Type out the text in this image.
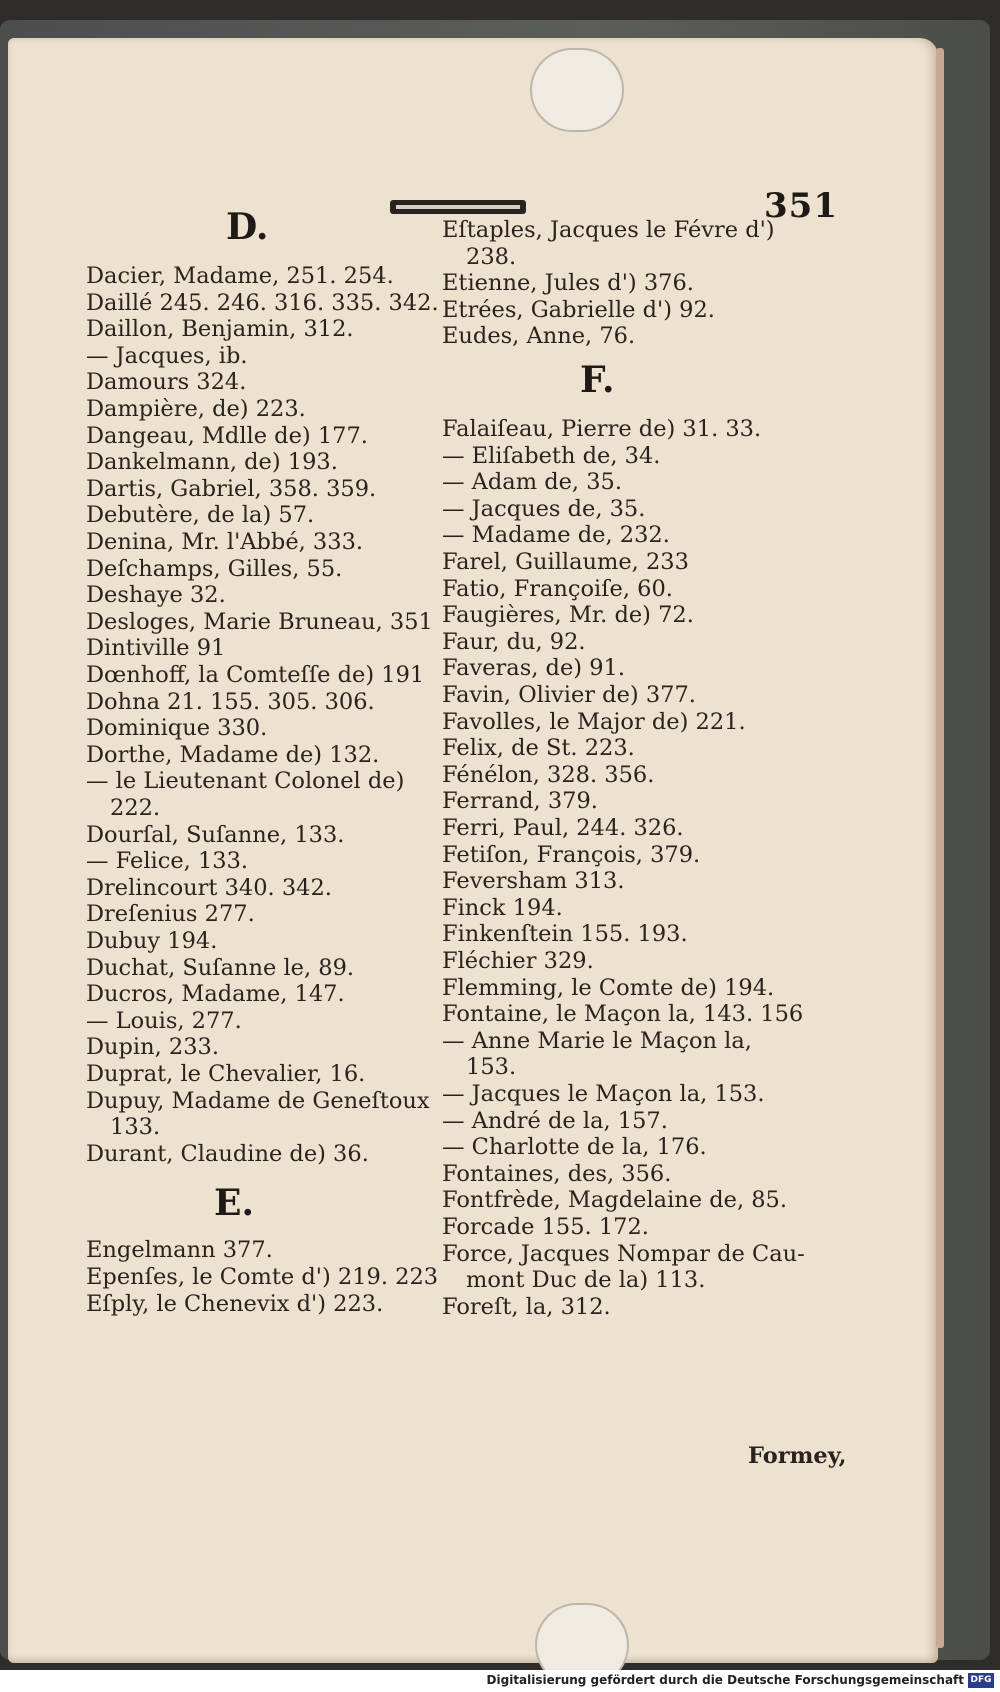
351
D.
Dacier, Madame, 251. 254.
Daillé 245. 246. 316. 335. 342.
Daillon, Benjamin, 312.
— Jacques, ib.
Damours 324.
Dampière, de) 223.
Dangeau, Mdlle de) 177.
Dankelmann, de) 193.
Dartis, Gabriel, 358. 359.
Debutère, de la) 57.
Denina, Mr. l'Abbé, 333.
Deſchamps, Gilles, 55.
Deshaye 32.
Desloges, Marie Bruneau, 351
Dintiville 91
Dœnhoff, la Comteſſe de) 191
Dohna 21. 155. 305. 306.
Dominique 330.
Dorthe, Madame de) 132.
— le Lieutenant Colonel de)
222.
Dourſal, Suſanne, 133.
— Felice, 133.
Drelincourt 340. 342.
Dreſenius 277.
Dubuy 194.
Duchat, Suſanne le, 89.
Ducros, Madame, 147.
— Louis, 277.
Dupin, 233.
Duprat, le Chevalier, 16.
Dupuy, Madame de Geneſtoux
133.
Durant, Claudine de) 36.
E.
Engelmann 377.
Epenſes, le Comte d') 219. 223
Eſply, le Chenevix d') 223.
Eſtaples, Jacques le Févre d')
238.
Etienne, Jules d') 376.
Etrées, Gabrielle d') 92.
Eudes, Anne, 76.
F.
Falaiſeau, Pierre de) 31. 33.
— Eliſabeth de, 34.
— Adam de, 35.
— Jacques de, 35.
— Madame de, 232.
Farel, Guillaume, 233
Fatio, Françoiſe, 60.
Faugières, Mr. de) 72.
Faur, du, 92.
Faveras, de) 91.
Favin, Olivier de) 377.
Favolles, le Major de) 221.
Felix, de St. 223.
Fénélon, 328. 356.
Ferrand, 379.
Ferri, Paul, 244. 326.
Fetiſon, François, 379.
Feversham 313.
Finck 194.
Finkenſtein 155. 193.
Fléchier 329.
Flemming, le Comte de) 194.
Fontaine, le Maçon la, 143. 156
— Anne Marie le Maçon la,
153.
— Jacques le Maçon la, 153.
— André de la, 157.
— Charlotte de la, 176.
Fontaines, des, 356.
Fontfrède, Magdelaine de, 85.
Forcade 155. 172.
Force, Jacques Nompar de Cau-
mont Duc de la) 113.
Foreſt, la, 312.
Formey,
Digitalisierung gefördert durch die Deutsche Forschungsgemeinschaft DFG
